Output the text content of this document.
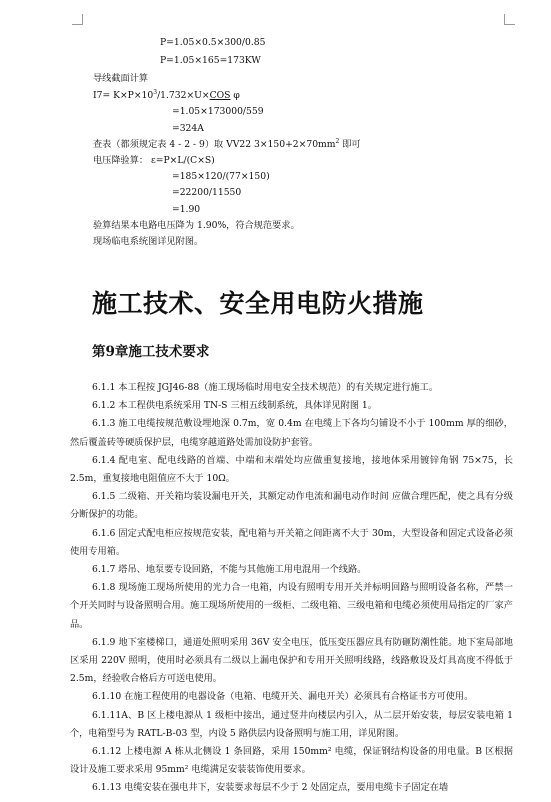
P=1.05×0.5×300/0.85
P=1.05×165=173KW
导线截面计算
$I7= K\times P\times 10^3/1.732\times U\times COS$ φ
=1.05×173000/559
=324A
查表（都须规定表 4 - 2 - 9）取 VV22 $3\times 150+2\times 70mm^2$ 即可
电压降验算： ε=P×L/(C×S)
=185×120/(77×150)
=22200/11550
=1.90
验算结果本电路电压降为 1.90%，符合规范要求。
现场临电系统图详见附图。
施工技术、安全用电防火措施
第9章施工技术要求

6.1.1 本工程按 JGJ46-88（施工现场临时用电安全技术规范）的有关规定进行施工。

6.1.2 本工程供电系统采用 TN-S 三相五线制系统，具体详见附图 1。

6.1.3 施工电缆按规范敷设埋地深 0.7m，宽 0.4m 在电缆上下各均匀铺设不小于 100mm 厚的细砂，然后覆盖砖等硬质保护层，电缆穿越道路处需加设防护套管。

6.1.4 配电室、配电线路的首端、中端和末端处均应做重复接地，接地体采用镀锌角钢 75×75，长 2.5m，重复接地电阻值应不大于 10Ω。

6.1.5 二级箱、开关箱均装设漏电开关，其额定动作电流和漏电动作时间 应做合理匹配，使之具有分级分断保护的功能。

6.1.6 固定式配电柜应按规范安装，配电箱与开关箱之间距离不大于 30m，大型设备和固定式设备必须使用专用箱。

6.1.7 塔吊、地泵要专设回路，不能与其他施工用电混用一个线路。

6.1.8 现场施工现场所使用的光力合一电箱，内设有照明专用开关并标明回路与照明设备名称，严禁一个开关同时与设备照明合用。施工现场所使用的一级柜、二级电箱、三级电箱和电缆必须使用局指定的厂家产品。

6.1.9 地下室楼梯口，通道处照明采用 36V 安全电压，低压变压器应具有防砸防潮性能。地下室局部地区采用 220V 照明，使用时必须具有二级以上漏电保护和专用开关照明线路，线路敷设及灯具高度不得低于 2.5m，经验收合格后方可送电使用。

6.1.10 在施工程使用的电器设备（电箱、电缆开关、漏电开关）必须具有合格证书方可使用。

6.1.11A、B 区上楼电源从 1 级柜中接出，通过竖井向楼层内引入，从二层开始安装，每层安装电箱 1 个，电箱型号为 RATL-B-03 型，内设 5 路供层内设备照明与施工用，详见附图。

6.1.12 上楼电源 A 栋从北侧设 1 条回路，采用 150mm² 电缆，保证钢结构设备的用电量。B 区根据设计及施工要求采用 95mm² 电缆满足安装装饰使用要求。

6.1.13 电缆安装在强电井下，安装要求每层不少于 2 处固定点，要用电缆卡子固定在墙
